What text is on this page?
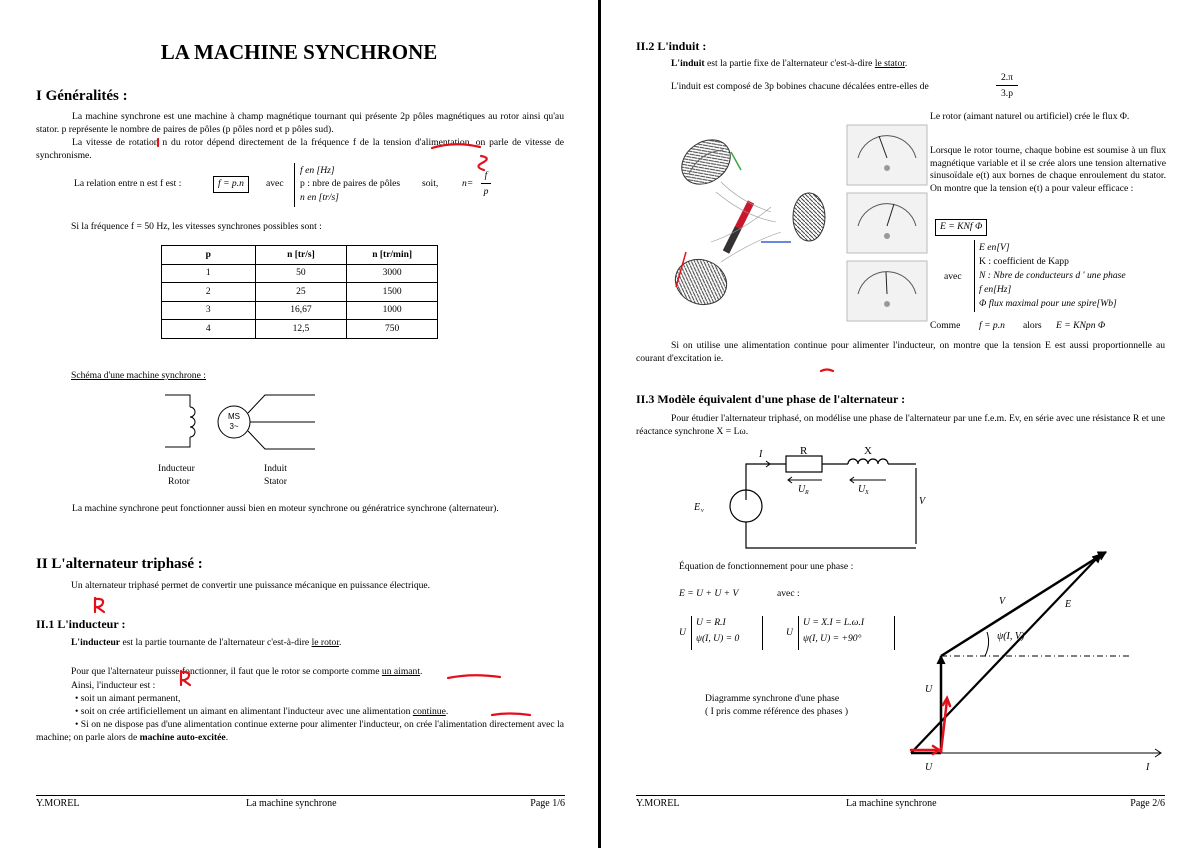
LA MACHINE SYNCHRONE
I Généralités :
La machine synchrone est une machine à champ magnétique tournant qui présente 2p pôles magnétiques au rotor ainsi qu'au stator. p représente le nombre de paires de pôles (p pôles nord et p pôles sud).
La vitesse de rotation n du rotor dépend directement de la fréquence f de la tension d'alimentation, on parle de vitesse de synchronisme.
La relation entre n est f est :	f = p.n	avec
f en [Hz]
p : nbre de paires de pôles
n en [tr/s]
soit, n=
f
p
Si la fréquence f = 50 Hz, les vitesses synchrones possibles sont :
p	n [tr/s]	n [tr/min]
1	50	3000
2	25	1500
3	16,67	1000
4	12,5	750
Schéma d'une machine synchrone :
MS
3~
Inducteur
Rotor
Induit
Stator
La machine synchrone peut fonctionner aussi bien en moteur synchrone ou génératrice synchrone (alternateur).
II L'alternateur triphasé :
Un alternateur triphasé permet de convertir une puissance mécanique en puissance électrique.
II.1 L'inducteur :
L'inducteur est la partie tournante de l'alternateur c'est-à-dire le rotor.
Pour que l'alternateur puisse fonctionner, il faut que le rotor se comporte comme un aimant.
Ainsi, l'inducteur est :
• soit un aimant permanent,
• soit on crée artificiellement un aimant en alimentant l'inducteur avec une alimentation continue.
• Si on ne dispose pas d'une alimentation continue externe pour alimenter l'inducteur, on crée l'alimentation directement avec la machine; on parle alors de machine auto-excitée.
Y.MOREL	La machine synchrone	Page 1/6
II.2 L'induit :
L'induit est la partie fixe de l'alternateur c'est-à-dire le stator.
L'induit est composé de 3p bobines chacune décalées entre-elles de
2.π
3.p
Le rotor (aimant naturel ou artificiel) crée le flux Φ.
Lorsque le rotor tourne, chaque bobine est soumise à un flux magnétique variable et il se crée alors une tension alternative sinusoïdale e(t) aux bornes de chaque enroulement du stator. On montre que la tension e(t) a pour valeur efficace :
E = KNf Φ
avec
E en[V]
K : coefficient de Kapp
N : Nbre de conducteurs d ' une phase
f en[Hz]
Φ flux maximal pour une spire[Wb]
Comme f = p.n alors E = KNpn Φ
Si on utilise une alimentation continue pour alimenter l'inducteur, on montre que la tension E est aussi proportionnelle au courant d'excitation ie.
II.3 Modèle équivalent d'une phase de l'alternateur :
Pour étudier l'alternateur triphasé, on modélise une phase de l'alternateur par une f.e.m. Ev, en série avec une résistance R et une réactance synchrone X = Lω.
I	R	X
U R	U X
E v
V
Équation de fonctionnement pour une phase :
E = U + U + V	avec :
U
U = R.I
ψ(I, U) = 0
U
U = X.I = L.ω.I
ψ(I, U) = +90°
Diagramme synchrone d'une phase
( I pris comme référence des phases )
V	E
ψ(I, V)
U
U	I
Y.MOREL	La machine synchrone	Page 2/6
